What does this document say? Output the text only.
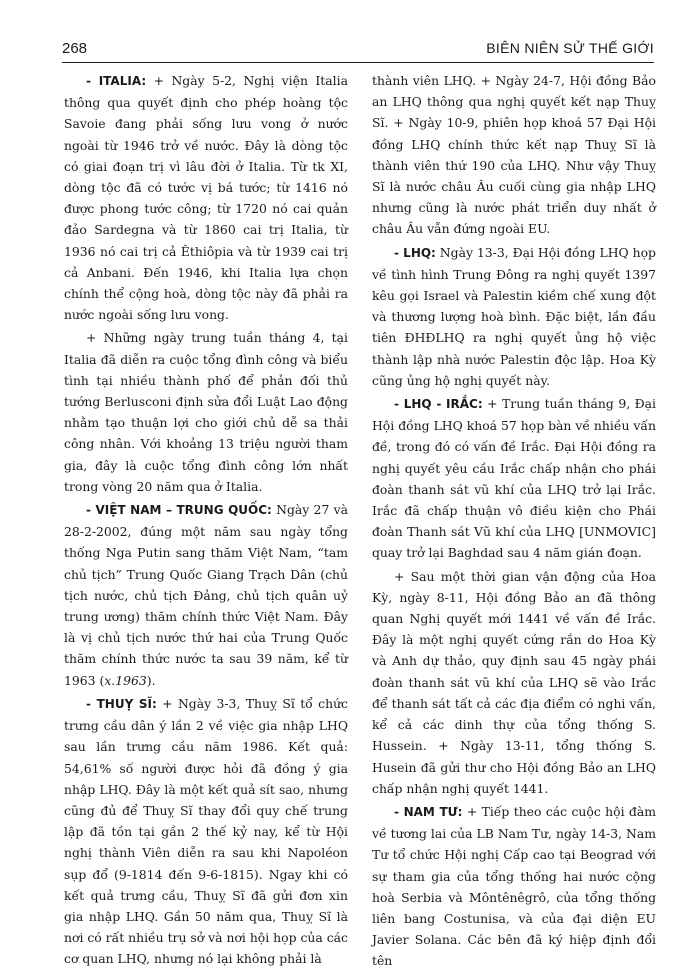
268	BIÊN NIÊN SỬ THẾ GIỚI

- ITALIA: + Ngày 5-2, Nghị viện Italia thông qua quyết định cho phép hoàng tộc Savoie đang phải sống lưu vong ở nước ngoài từ 1946 trở về nước. Đây là dòng tộc có giai đoạn trị vì lâu đời ở Italia. Từ tk XI, dòng tộc đã có tước vị bá tước; từ 1416 nó được phong tước công; từ 1720 nó cai quản đảo Sardegna và từ 1860 cai trị Italia, từ 1936 nó cai trị cả Êthiôpia và từ 1939 cai trị cả Anbani. Đến 1946, khi Italia lựa chọn chính thể cộng hoà, dòng tộc này đã phải ra nước ngoài sống lưu vong.

+ Những ngày trung tuần tháng 4, tại Italia đã diễn ra cuộc tổng đình công và biểu tình tại nhiều thành phố để phản đối thủ tướng Berlusconi định sửa đổi Luật Lao động nhằm tạo thuận lợi cho giới chủ dễ sa thải công nhân. Với khoảng 13 triệu người tham gia, đây là cuộc tổng đình công lớn nhất trong vòng 20 năm qua ở Italia.

- VIỆT NAM – TRUNG QUỐC: Ngày 27 và 28-2-2002, đúng một năm sau ngày tổng thống Nga Putin sang thăm Việt Nam, “tam chủ tịch” Trung Quốc Giang Trạch Dân (chủ tịch nước, chủ tịch Đảng, chủ tịch quân uỷ trung ương) thăm chính thức Việt Nam. Đây là vị chủ tịch nước thứ hai của Trung Quốc thăm chính thức nước ta sau 39 năm, kể từ 1963 (x.1963).

- THUỴ SĨ: + Ngày 3-3, Thuỵ Sĩ tổ chức trưng cầu dân ý lần 2 về việc gia nhập LHQ sau lần trưng cầu năm 1986. Kết quả: 54,61% số người được hỏi đã đồng ý gia nhập LHQ. Đây là một kết quả sít sao, nhưng cũng đủ để Thuỵ Sĩ thay đổi quy chế trung lập đã tồn tại gần 2 thế kỷ nay, kể từ Hội nghị thành Viên diễn ra sau khi Napoléon sụp đổ (9-1814 đến 9-6-1815). Ngay khi có kết quả trưng cầu, Thuỵ Sĩ đã gửi đơn xin gia nhập LHQ. Gần 50 năm qua, Thuỵ Sĩ là nơi có rất nhiều trụ sở và nơi hội họp của các cơ quan LHQ, nhưng nó lại không phải là

thành viên LHQ. + Ngày 24-7, Hội đồng Bảo an LHQ thông qua nghị quyết kết nạp Thuỵ Sĩ. + Ngày 10-9, phiên họp khoá 57 Đại Hội đồng LHQ chính thức kết nạp Thuỵ Sĩ là thành viên thứ 190 của LHQ. Như vậy Thuỵ Sĩ là nước châu Âu cuối cùng gia nhập LHQ nhưng cũng là nước phát triển duy nhất ở châu Âu vẫn đứng ngoài EU.

- LHQ: Ngày 13-3, Đại Hội đồng LHQ họp về tình hình Trung Đông ra nghị quyết 1397 kêu gọi Israel và Palestin kiềm chế xung đột và thương lượng hoà bình. Đặc biệt, lần đầu tiên ĐHĐLHQ ra nghị quyết ủng hộ việc thành lập nhà nước Palestin độc lập. Hoa Kỳ cũng ủng hộ nghị quyết này.

- LHQ - IRẮC: + Trung tuần tháng 9, Đại Hội đồng LHQ khoá 57 họp bàn về nhiều vấn đề, trong đó có vấn đề Irắc. Đại Hội đồng ra nghị quyết yêu cầu Irắc chấp nhận cho phái đoàn thanh sát vũ khí của LHQ trở lại Irắc. Irắc đã chấp thuận vô điều kiện cho Phái đoàn Thanh sát Vũ khí của LHQ [UNMOVIC] quay trở lại Baghdad sau 4 năm gián đoạn.

+ Sau một thời gian vận động của Hoa Kỳ, ngày 8-11, Hội đồng Bảo an đã thông quan Nghị quyết mới 1441 về vấn đề Irắc. Đây là một nghị quyết cứng rắn do Hoa Kỳ và Anh dự thảo, quy định sau 45 ngày phái đoàn thanh sát vũ khí của LHQ sẽ vào Irắc để thanh sát tất cả các địa điểm có nghi vấn, kể cả các dinh thự của tổng thống S. Hussein. + Ngày 13-11, tổng thống S. Husein đã gửi thư cho Hội đồng Bảo an LHQ chấp nhận nghị quyết 1441.

- NAM TƯ: + Tiếp theo các cuộc hội đàm về tương lai của LB Nam Tư, ngày 14-3, Nam Tư tổ chức Hội nghị Cấp cao tại Beograd với sự tham gia của tổng thống hai nước cộng hoà Serbia và Môntênêgrô, của tổng thống liên bang Costunisa, và của đại diện EU Javier Solana. Các bên đã ký hiệp định đổi tên
